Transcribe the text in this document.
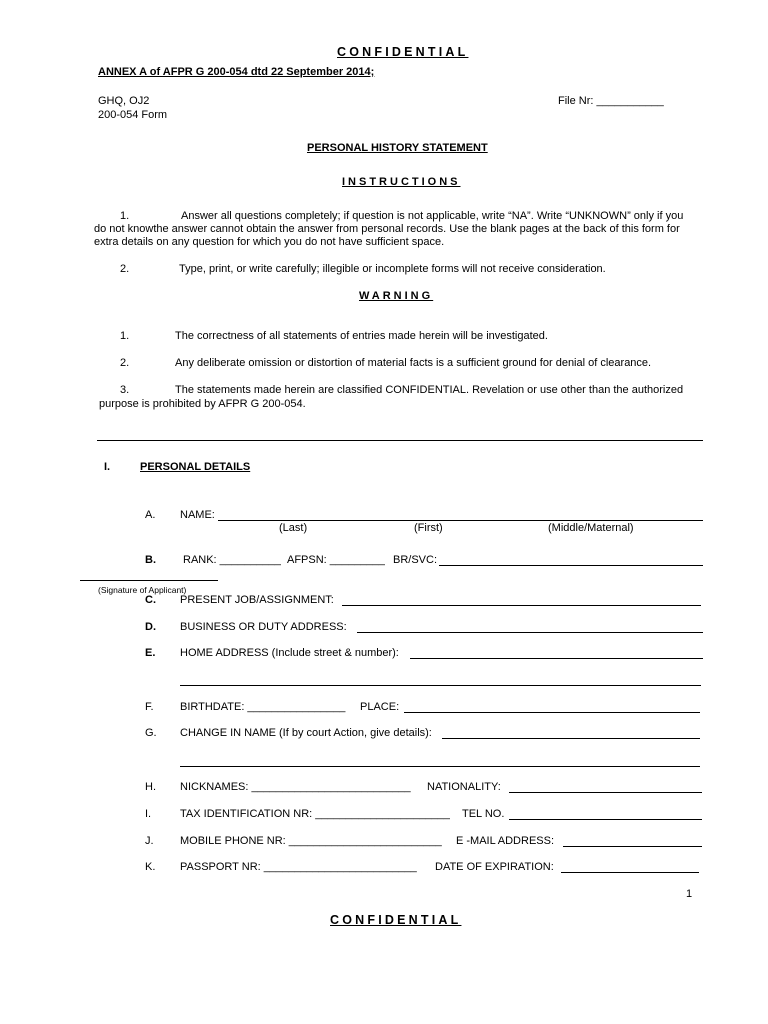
CONFIDENTIAL
ANNEX A of AFPR G 200-054 dtd 22 September 2014;
GHQ, OJ2
200-054 Form
File Nr: ___________
PERSONAL HISTORY STATEMENT
INSTRUCTIONS
1.	Answer all questions completely; if question is not applicable, write “NA”. Write “UNKNOWN” only if you
do not knowthe answer cannot obtain the answer from personal records. Use the blank pages at the back of this form for
extra details on any question for which you do not have sufficient space.
2.	Type, print, or write carefully; illegible or incomplete forms will not receive consideration.
WARNING
1.	The correctness of all statements of entries made herein will be investigated.
2.	Any deliberate omission or distortion of material facts is a sufficient ground for denial of clearance.
3.	The statements made herein are classified CONFIDENTIAL. Revelation or use other than the authorized
purpose is prohibited by AFPR G 200-054.
I.	PERSONAL DETAILS
A. NAME:
(Last)	(First)	(Middle/Maternal)
B. RANK: __________ AFPSN: _________ BR/SVC:
(Signature of Applicant)
C. PRESENT JOB/ASSIGNMENT:
D. BUSINESS OR DUTY ADDRESS:
E. HOME ADDRESS (Include street & number):
F. BIRTHDATE: ________________ PLACE:
G. CHANGE IN NAME (If by court Action, give details):
H. NICKNAMES: __________________________ NATIONALITY:
I.	TAX IDENTIFICATION NR: ______________________ TEL NO.
J. MOBILE PHONE NR: _________________________ E -MAIL ADDRESS:
K. PASSPORT NR: _________________________ DATE OF EXPIRATION:
1
CONFIDENTIAL
